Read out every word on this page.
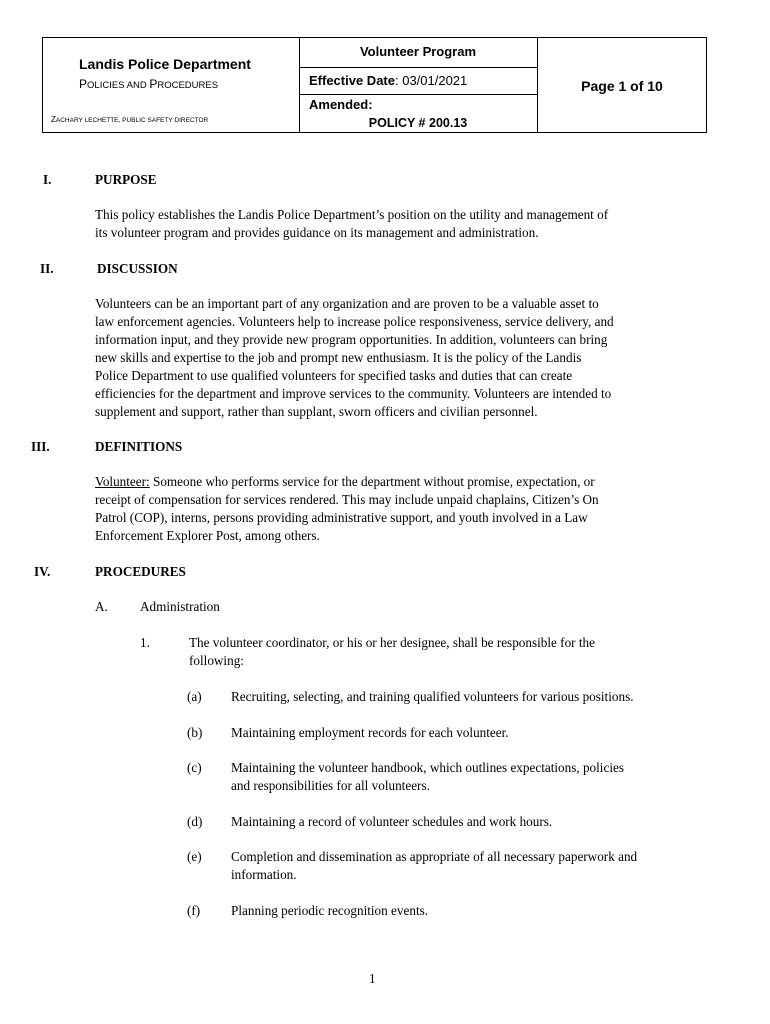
Landis Police Department
POLICIES AND PROCEDURES
ZACHARY LECHETTE, PUBLIC SAFETY DIRECTOR
Volunteer Program
Effective Date: 03/01/2021
Amended:
POLICY # 200.13
Page 1 of 10
I.	PURPOSE
This policy establishes the Landis Police Department’s position on the utility and management of
its volunteer program and provides guidance on its management and administration.
II.	DISCUSSION
Volunteers can be an important part of any organization and are proven to be a valuable asset to
law enforcement agencies. Volunteers help to increase police responsiveness, service delivery, and
information input, and they provide new program opportunities. In addition, volunteers can bring
new skills and expertise to the job and prompt new enthusiasm. It is the policy of the Landis
Police Department to use qualified volunteers for specified tasks and duties that can create
efficiencies for the department and improve services to the community. Volunteers are intended to
supplement and support, rather than supplant, sworn officers and civilian personnel.
III.	DEFINITIONS
Volunteer: Someone who performs service for the department without promise, expectation, or
receipt of compensation for services rendered. This may include unpaid chaplains, Citizen’s On
Patrol (COP), interns, persons providing administrative support, and youth involved in a Law
Enforcement Explorer Post, among others.
IV.	PROCEDURES
A. Administration
1.	The volunteer coordinator, or his or her designee, shall be responsible for the
following:
(a) Recruiting, selecting, and training qualified volunteers for various positions.
(b) Maintaining employment records for each volunteer.
(c) Maintaining the volunteer handbook, which outlines expectations, policies
and responsibilities for all volunteers.
(d) Maintaining a record of volunteer schedules and work hours.
(e) Completion and dissemination as appropriate of all necessary paperwork and
information.
(f) Planning periodic recognition events.
1
